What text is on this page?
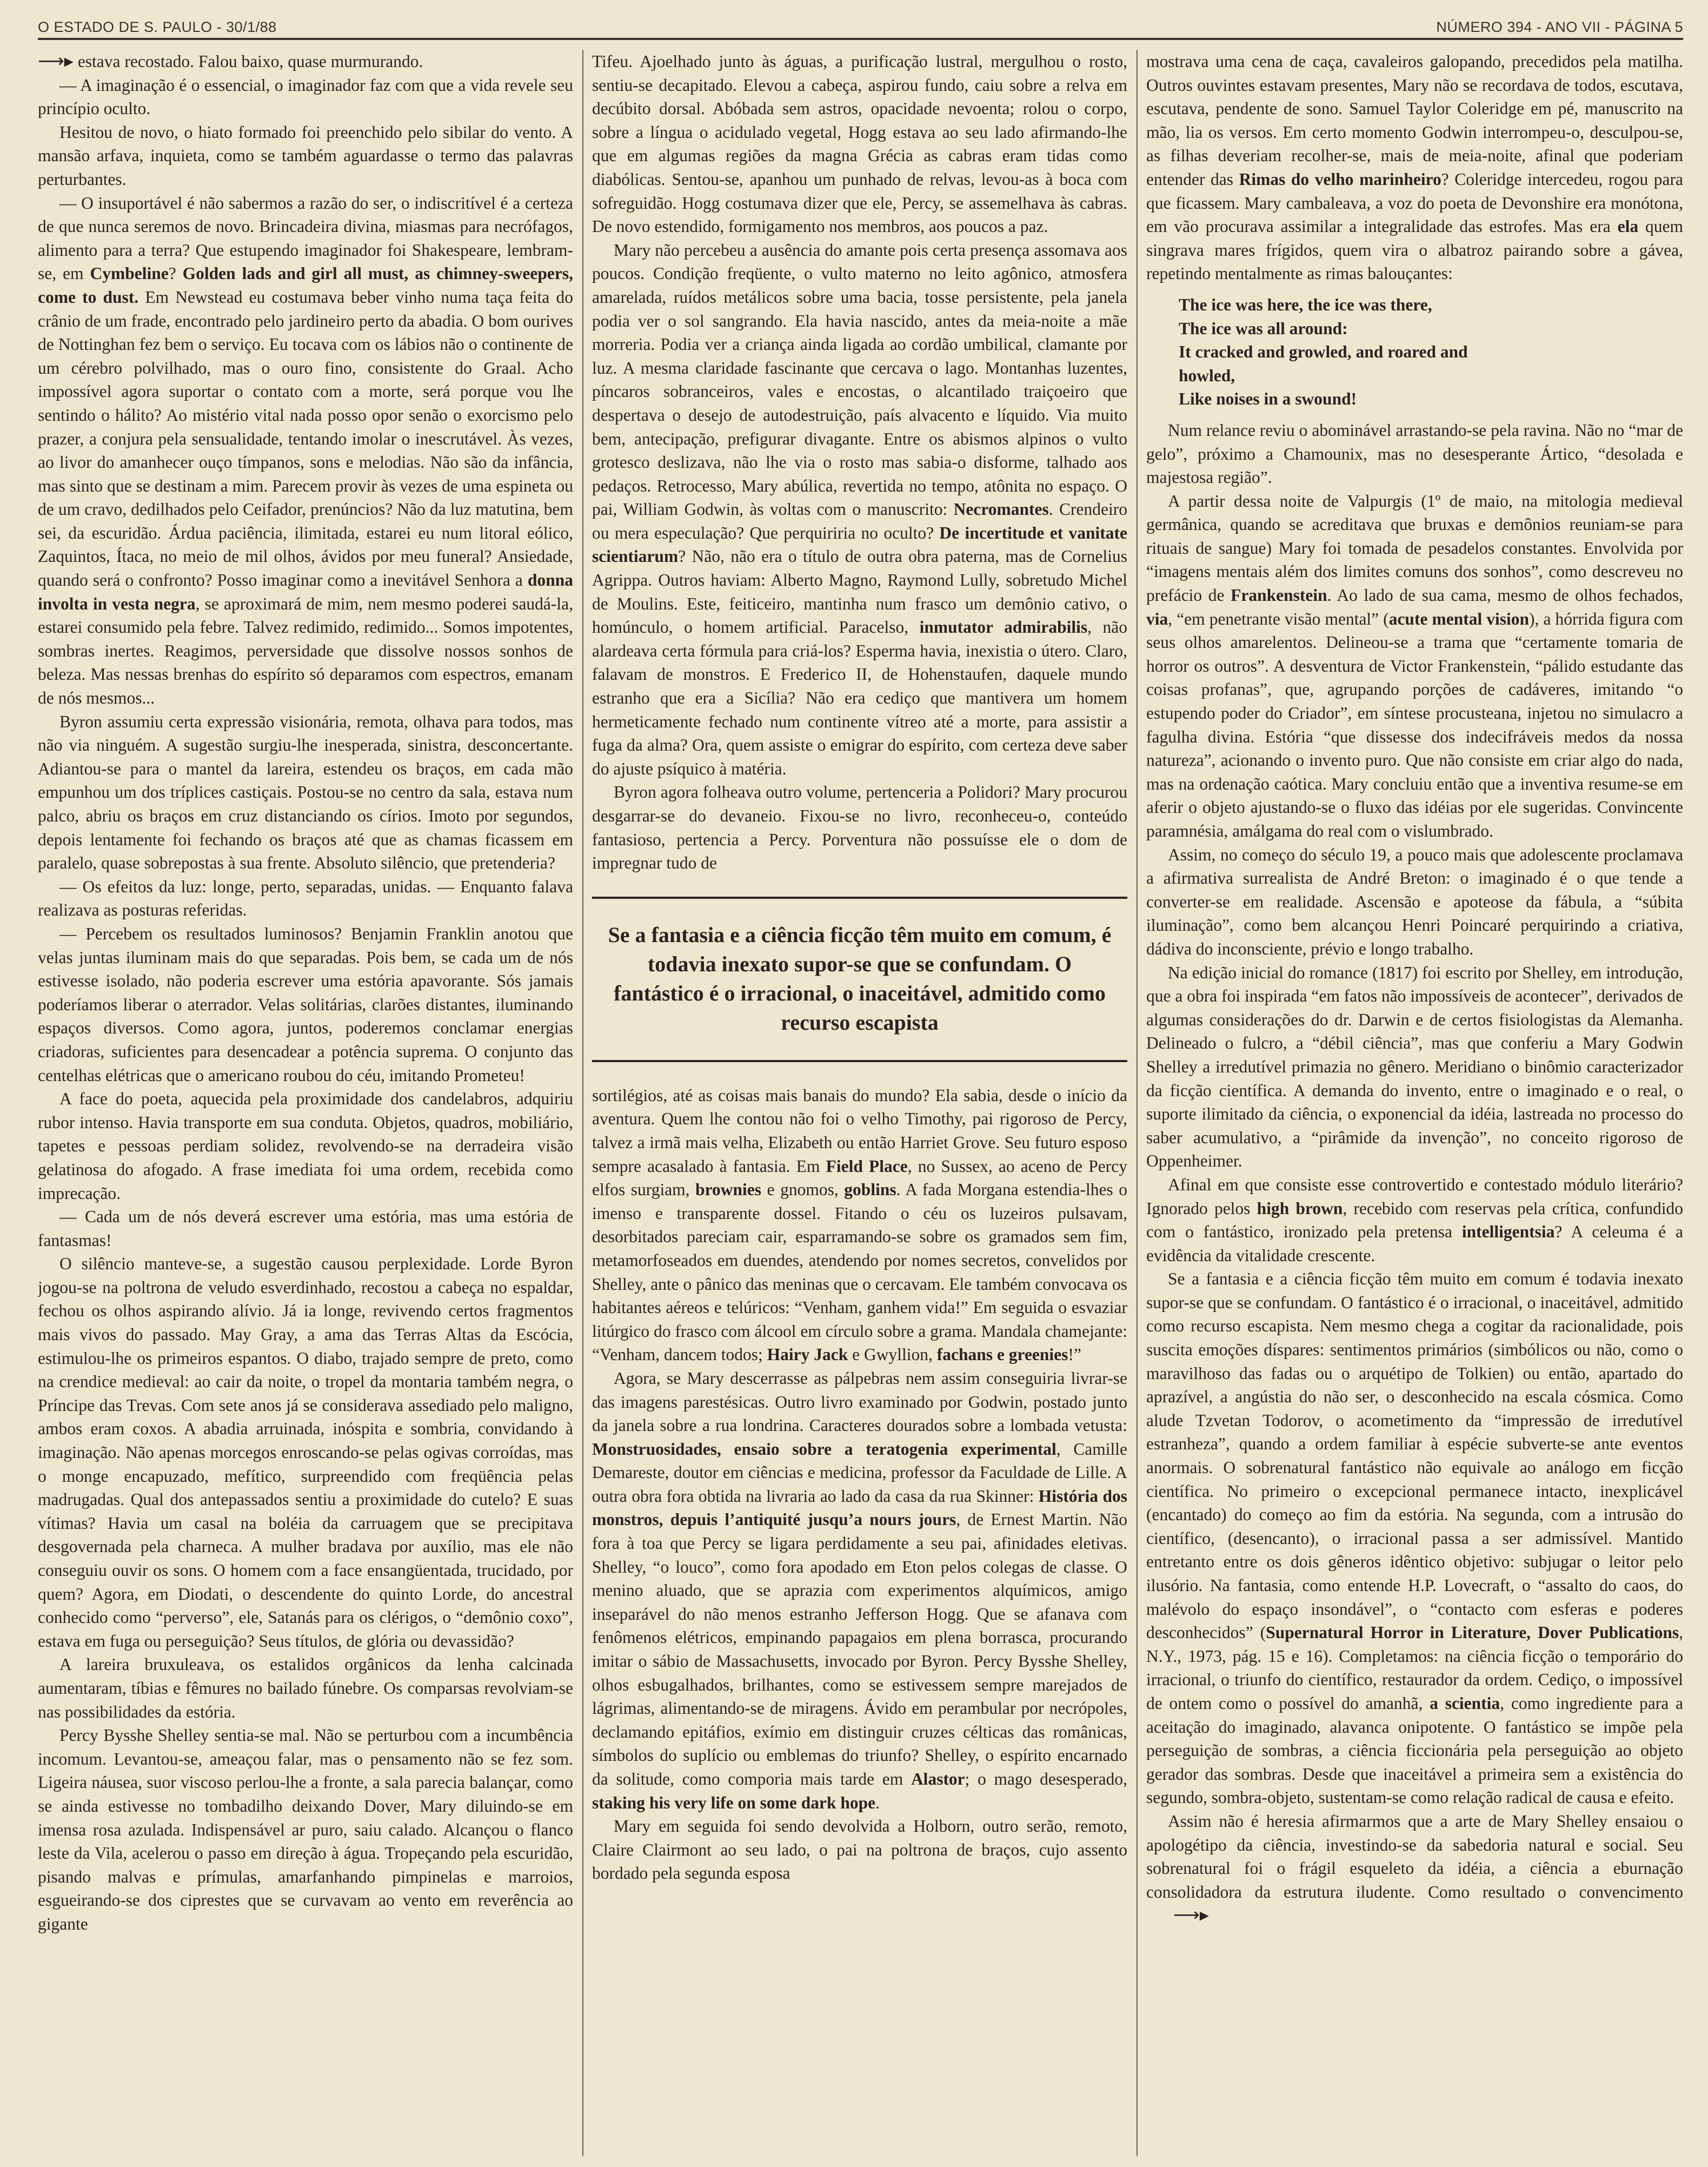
O ESTADO DE S. PAULO - 30/1/88	NÚMERO 394 - ANO VII - PÁGINA 5

⟶▸ estava recostado. Falou baixo, quase murmurando.

— A imaginação é o essencial, o imaginador faz com que a vida revele seu princípio oculto.

Hesitou de novo, o hiato formado foi preenchido pelo sibilar do vento. A mansão arfava, inquieta, como se também aguardasse o termo das palavras perturbantes.

— O insuportável é não sabermos a razão do ser, o indiscritível é a certeza de que nunca seremos de novo. Brincadeira divina, miasmas para necrófagos, alimento para a terra? Que estupendo imaginador foi Shakespeare, lembram-se, em Cymbeline? Golden lads and girl all must, as chimney-sweepers, come to dust. Em Newstead eu costumava beber vinho numa taça feita do crânio de um frade, encontrado pelo jardineiro perto da abadia. O bom ourives de Nottinghan fez bem o serviço. Eu tocava com os lábios não o continente de um cérebro polvilhado, mas o ouro fino, consistente do Graal. Acho impossível agora suportar o contato com a morte, será porque vou lhe sentindo o hálito? Ao mistério vital nada posso opor senão o exorcismo pelo prazer, a conjura pela sensualidade, tentando imolar o inescrutável. Às vezes, ao livor do amanhecer ouço tímpanos, sons e melodias. Não são da infância, mas sinto que se destinam a mim. Parecem provir às vezes de uma espineta ou de um cravo, dedilhados pelo Ceifador, prenúncios? Não da luz matutina, bem sei, da escuridão. Árdua paciência, ilimitada, estarei eu num litoral eólico, Zaquintos, Ítaca, no meio de mil olhos, ávidos por meu funeral? Ansiedade, quando será o confronto? Posso imaginar como a inevitável Senhora a donna involta in vesta negra, se aproximará de mim, nem mesmo poderei saudá-la, estarei consumido pela febre. Talvez redimido, redimido... Somos impotentes, sombras inertes. Reagimos, perversidade que dissolve nossos sonhos de beleza. Mas nessas brenhas do espírito só deparamos com espectros, emanam de nós mesmos...

Byron assumiu certa expressão visionária, remota, olhava para todos, mas não via ninguém. A sugestão surgiu-lhe inesperada, sinistra, desconcertante. Adiantou-se para o mantel da lareira, estendeu os braços, em cada mão empunhou um dos tríplices castiçais. Postou-se no centro da sala, estava num palco, abriu os braços em cruz distanciando os círios. Imoto por segundos, depois lentamente foi fechando os braços até que as chamas ficassem em paralelo, quase sobrepostas à sua frente. Absoluto silêncio, que pretenderia?

— Os efeitos da luz: longe, perto, separadas, unidas. — Enquanto falava realizava as posturas referidas.

— Percebem os resultados luminosos? Benjamin Franklin anotou que velas juntas iluminam mais do que separadas. Pois bem, se cada um de nós estivesse isolado, não poderia escrever uma estória apavorante. Sós jamais poderíamos liberar o aterrador. Velas solitárias, clarões distantes, iluminando espaços diversos. Como agora, juntos, poderemos conclamar energias criadoras, suficientes para desencadear a potência suprema. O conjunto das centelhas elétricas que o americano roubou do céu, imitando Prometeu!

A face do poeta, aquecida pela proximidade dos candelabros, adquiriu rubor intenso. Havia transporte em sua conduta. Objetos, quadros, mobiliário, tapetes e pessoas perdiam solidez, revolvendo-se na derradeira visão gelatinosa do afogado. A frase imediata foi uma ordem, recebida como imprecação.

— Cada um de nós deverá escrever uma estória, mas uma estória de fantasmas!

O silêncio manteve-se, a sugestão causou perplexidade. Lorde Byron jogou-se na poltrona de veludo esverdinhado, recostou a cabeça no espaldar, fechou os olhos aspirando alívio. Já ia longe, revivendo certos fragmentos mais vivos do passado. May Gray, a ama das Terras Altas da Escócia, estimulou-lhe os primeiros espantos. O diabo, trajado sempre de preto, como na crendice medieval: ao cair da noite, o tropel da montaria também negra, o Príncipe das Trevas. Com sete anos já se considerava assediado pelo maligno, ambos eram coxos. A abadia arruinada, inóspita e sombria, convidando à imaginação. Não apenas morcegos enroscando-se pelas ogivas corroídas, mas o monge encapuzado, mefítico, surpreendido com freqüência pelas madrugadas. Qual dos antepassados sentiu a proximidade do cutelo? E suas vítimas? Havia um casal na boléia da carruagem que se precipitava desgovernada pela charneca. A mulher bradava por auxílio, mas ele não conseguiu ouvir os sons. O homem com a face ensangüentada, trucidado, por quem? Agora, em Diodati, o descendente do quinto Lorde, do ancestral conhecido como “perverso”, ele, Satanás para os clérigos, o “demônio coxo”, estava em fuga ou perseguição? Seus títulos, de glória ou devassidão?

A lareira bruxuleava, os estalidos orgânicos da lenha calcinada aumentaram, tíbias e fêmures no bailado fúnebre. Os comparsas revolviam-se nas possibilidades da estória.

Percy Bysshe Shelley sentia-se mal. Não se perturbou com a incumbência incomum. Levantou-se, ameaçou falar, mas o pensamento não se fez som. Ligeira náusea, suor viscoso perlou-lhe a fronte, a sala parecia balançar, como se ainda estivesse no tombadilho deixando Dover, Mary diluindo-se em imensa rosa azulada. Indispensável ar puro, saiu calado. Alcançou o flanco leste da Vila, acelerou o passo em direção à água. Tropeçando pela escuridão, pisando malvas e prímulas, amarfanhando pimpinelas e marroios, esgueirando-se dos ciprestes que se curvavam ao vento em reverência ao gigante

Tifeu. Ajoelhado junto às águas, a purificação lustral, mergulhou o rosto, sentiu-se decapitado. Elevou a cabeça, aspirou fundo, caiu sobre a relva em decúbito dorsal. Abóbada sem astros, opacidade nevoenta; rolou o corpo, sobre a língua o acidulado vegetal, Hogg estava ao seu lado afirmando-lhe que em algumas regiões da magna Grécia as cabras eram tidas como diabólicas. Sentou-se, apanhou um punhado de relvas, levou-as à boca com sofreguidão. Hogg costumava dizer que ele, Percy, se assemelhava às cabras. De novo estendido, formigamento nos membros, aos poucos a paz.

Mary não percebeu a ausência do amante pois certa presença assomava aos poucos. Condição freqüente, o vulto materno no leito agônico, atmosfera amarelada, ruídos metálicos sobre uma bacia, tosse persistente, pela janela podia ver o sol sangrando. Ela havia nascido, antes da meia-noite a mãe morreria. Podia ver a criança ainda ligada ao cordão umbilical, clamante por luz. A mesma claridade fascinante que cercava o lago. Montanhas luzentes, píncaros sobranceiros, vales e encostas, o alcantilado traiçoeiro que despertava o desejo de autodestruição, país alvacento e líquido. Via muito bem, antecipação, prefigurar divagante. Entre os abismos alpinos o vulto grotesco deslizava, não lhe via o rosto mas sabia-o disforme, talhado aos pedaços. Retrocesso, Mary abúlica, revertida no tempo, atônita no espaço. O pai, William Godwin, às voltas com o manuscrito: Necromantes. Crendeiro ou mera especulação? Que perquiriria no oculto? De incertitude et vanitate scientiarum? Não, não era o título de outra obra paterna, mas de Cornelius Agrippa. Outros haviam: Alberto Magno, Raymond Lully, sobretudo Michel de Moulins. Este, feiticeiro, mantinha num frasco um demônio cativo, o homúnculo, o homem artificial. Paracelso, inmutator admirabilis, não alardeava certa fórmula para criá-los? Esperma havia, inexistia o útero. Claro, falavam de monstros. E Frederico II, de Hohenstaufen, daquele mundo estranho que era a Sicília? Não era cediço que mantivera um homem hermeticamente fechado num continente vítreo até a morte, para assistir a fuga da alma? Ora, quem assiste o emigrar do espírito, com certeza deve saber do ajuste psíquico à matéria.

Byron agora folheava outro volume, pertenceria a Polidori? Mary procurou desgarrar-se do devaneio. Fixou-se no livro, reconheceu-o, conteúdo fantasioso, pertencia a Percy. Porventura não possuísse ele o dom de impregnar tudo de

Se a fantasia e a ciência ficção têm muito em comum, é todavia inexato supor-se que se confundam. O fantástico é o irracional, o inaceitável, admitido como recurso escapista

sortilégios, até as coisas mais banais do mundo? Ela sabia, desde o início da aventura. Quem lhe contou não foi o velho Timothy, pai rigoroso de Percy, talvez a irmã mais velha, Elizabeth ou então Harriet Grove. Seu futuro esposo sempre acasalado à fantasia. Em Field Place, no Sussex, ao aceno de Percy elfos surgiam, brownies e gnomos, goblins. A fada Morgana estendia-lhes o imenso e transparente dossel. Fitando o céu os luzeiros pulsavam, desorbitados pareciam cair, esparramando-se sobre os gramados sem fim, metamorfoseados em duendes, atendendo por nomes secretos, convelidos por Shelley, ante o pânico das meninas que o cercavam. Ele também convocava os habitantes aéreos e telúricos: “Venham, ganhem vida!” Em seguida o esvaziar litúrgico do frasco com álcool em círculo sobre a grama. Mandala chamejante: “Venham, dancem todos; Hairy Jack e Gwyllion, fachans e greenies!”

Agora, se Mary descerrasse as pálpebras nem assim conseguiria livrar-se das imagens parestésicas. Outro livro examinado por Godwin, postado junto da janela sobre a rua londrina. Caracteres dourados sobre a lombada vetusta: Monstruosidades, ensaio sobre a teratogenia experimental, Camille Demareste, doutor em ciências e medicina, professor da Faculdade de Lille. A outra obra fora obtida na livraria ao lado da casa da rua Skinner: História dos monstros, depuis l’antiquité jusqu’a nours jours, de Ernest Martin. Não fora à toa que Percy se ligara perdidamente a seu pai, afinidades eletivas. Shelley, “o louco”, como fora apodado em Eton pelos colegas de classe. O menino aluado, que se aprazia com experimentos alquímicos, amigo inseparável do não menos estranho Jefferson Hogg. Que se afanava com fenômenos elétricos, empinando papagaios em plena borrasca, procurando imitar o sábio de Massachusetts, invocado por Byron. Percy Bysshe Shelley, olhos esbugalhados, brilhantes, como se estivessem sempre marejados de lágrimas, alimentando-se de miragens. Ávido em perambular por necrópoles, declamando epitáfios, exímio em distinguir cruzes célticas das românicas, símbolos do suplício ou emblemas do triunfo? Shelley, o espírito encarnado da solitude, como comporia mais tarde em Alastor; o mago desesperado, staking his very life on some dark hope.

Mary em seguida foi sendo devolvida a Holborn, outro serão, remoto, Claire Clairmont ao seu lado, o pai na poltrona de braços, cujo assento bordado pela segunda esposa

mostrava uma cena de caça, cavaleiros galopando, precedidos pela matilha. Outros ouvintes estavam presentes, Mary não se recordava de todos, escutava, escutava, pendente de sono. Samuel Taylor Coleridge em pé, manuscrito na mão, lia os versos. Em certo momento Godwin interrompeu-o, desculpou-se, as filhas deveriam recolher-se, mais de meia-noite, afinal que poderiam entender das Rimas do velho marinheiro? Coleridge intercedeu, rogou para que ficassem. Mary cambaleava, a voz do poeta de Devonshire era monótona, em vão procurava assimilar a integralidade das estrofes. Mas era ela quem singrava mares frígidos, quem vira o albatroz pairando sobre a gávea, repetindo mentalmente as rimas balouçantes:

The ice was here, the ice was there,
The ice was all around:
It cracked and growled, and roared and
howled,
Like noises in a swound!

Num relance reviu o abominável arrastando-se pela ravina. Não no “mar de gelo”, próximo a Chamounix, mas no desesperante Ártico, “desolada e majestosa região”.

A partir dessa noite de Valpurgis (1º de maio, na mitologia medieval germânica, quando se acreditava que bruxas e demônios reuniam-se para rituais de sangue) Mary foi tomada de pesadelos constantes. Envolvida por “imagens mentais além dos limites comuns dos sonhos”, como descreveu no prefácio de Frankenstein. Ao lado de sua cama, mesmo de olhos fechados, via, “em penetrante visão mental” (acute mental vision), a hórrida figura com seus olhos amarelentos. Delineou-se a trama que “certamente tomaria de horror os outros”. A desventura de Victor Frankenstein, “pálido estudante das coisas profanas”, que, agrupando porções de cadáveres, imitando “o estupendo poder do Criador”, em síntese procusteana, injetou no simulacro a fagulha divina. Estória “que dissesse dos indecifráveis medos da nossa natureza”, acionando o invento puro. Que não consiste em criar algo do nada, mas na ordenação caótica. Mary concluiu então que a inventiva resume-se em aferir o objeto ajustando-se o fluxo das idéias por ele sugeridas. Convincente paramnésia, amálgama do real com o vislumbrado.

Assim, no começo do século 19, a pouco mais que adolescente proclamava a afirmativa surrealista de André Breton: o imaginado é o que tende a converter-se em realidade. Ascensão e apoteose da fábula, a “súbita iluminação”, como bem alcançou Henri Poincaré perquirindo a criativa, dádiva do inconsciente, prévio e longo trabalho.

Na edição inicial do romance (1817) foi escrito por Shelley, em introdução, que a obra foi inspirada “em fatos não impossíveis de acontecer”, derivados de algumas considerações do dr. Darwin e de certos fisiologistas da Alemanha. Delineado o fulcro, a “débil ciência”, mas que conferiu a Mary Godwin Shelley a irredutível primazia no gênero. Meridiano o binômio caracterizador da ficção científica. A demanda do invento, entre o imaginado e o real, o suporte ilimitado da ciência, o exponencial da idéia, lastreada no processo do saber acumulativo, a “pirâmide da invenção”, no conceito rigoroso de Oppenheimer.

Afinal em que consiste esse controvertido e contestado módulo literário? Ignorado pelos high brown, recebido com reservas pela crítica, confundido com o fantástico, ironizado pela pretensa intelligentsia? A celeuma é a evidência da vitalidade crescente.

Se a fantasia e a ciência ficção têm muito em comum é todavia inexato supor-se que se confundam. O fantástico é o irracional, o inaceitável, admitido como recurso escapista. Nem mesmo chega a cogitar da racionalidade, pois suscita emoções díspares: sentimentos primários (simbólicos ou não, como o maravilhoso das fadas ou o arquétipo de Tolkien) ou então, apartado do aprazível, a angústia do não ser, o desconhecido na escala cósmica. Como alude Tzvetan Todorov, o acometimento da “impressão de irredutível estranheza”, quando a ordem familiar à espécie subverte-se ante eventos anormais. O sobrenatural fantástico não equivale ao análogo em ficção científica. No primeiro o excepcional permanece intacto, inexplicável (encantado) do começo ao fim da estória. Na segunda, com a intrusão do científico, (desencanto), o irracional passa a ser admissível. Mantido entretanto entre os dois gêneros idêntico objetivo: subjugar o leitor pelo ilusório. Na fantasia, como entende H.P. Lovecraft, o “assalto do caos, do malévolo do espaço insondável”, o “contacto com esferas e poderes desconhecidos” (Supernatural Horror in Literature, Dover Publications, N.Y., 1973, pág. 15 e 16). Completamos: na ciência ficção o temporário do irracional, o triunfo do científico, restaurador da ordem. Cediço, o impossível de ontem como o possível do amanhã, a scientia, como ingrediente para a aceitação do imaginado, alavanca onipotente. O fantástico se impõe pela perseguição de sombras, a ciência ficcionária pela perseguição ao objeto gerador das sombras. Desde que inaceitável a primeira sem a existência do segundo, sombra-objeto, sustentam-se como relação radical de causa e efeito.

Assim não é heresia afirmarmos que a arte de Mary Shelley ensaiou o apologétipo da ciência, investindo-se da sabedoria natural e social. Seu sobrenatural foi o frágil esqueleto da idéia, a ciência a eburnação consolidadora da estrutura iludente. Como resultado o convencimento⟶▸
